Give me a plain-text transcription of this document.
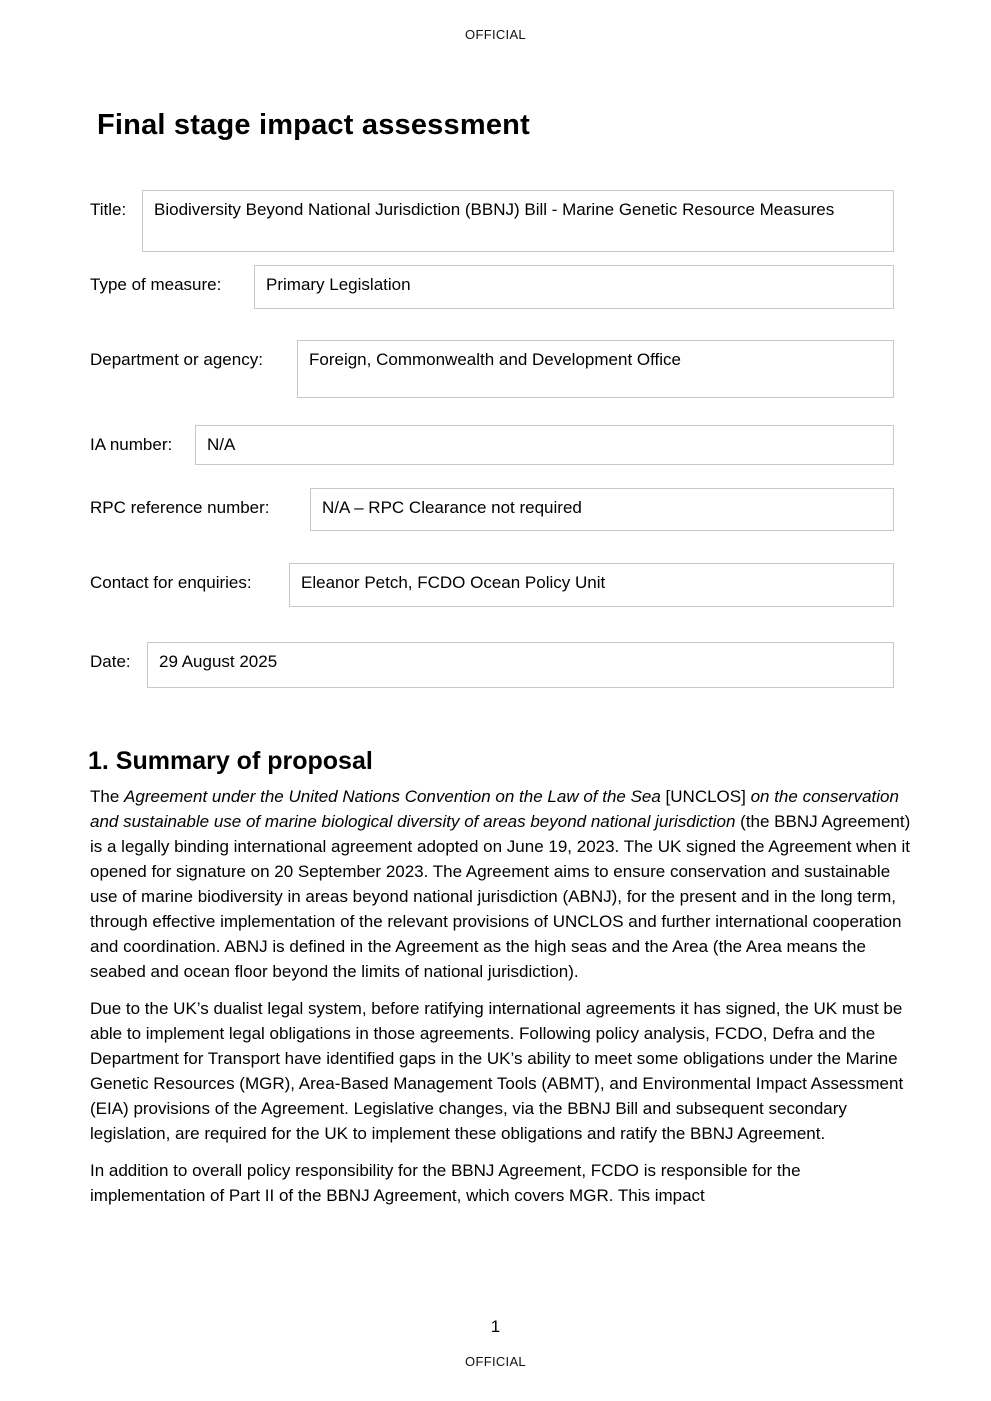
OFFICIAL
Final stage impact assessment
Title:	Biodiversity Beyond National Jurisdiction (BBNJ) Bill - Marine Genetic Resource Measures
Type of measure:	Primary Legislation
Department or agency:	Foreign, Commonwealth and Development Office
IA number:	N/A
RPC reference number:	N/A – RPC Clearance not required
Contact for enquiries:	Eleanor Petch, FCDO Ocean Policy Unit
Date:	29 August 2025
1. Summary of proposal

The Agreement under the United Nations Convention on the Law of the Sea [UNCLOS] on the conservation and sustainable use of marine biological diversity of areas beyond national jurisdiction (the BBNJ Agreement) is a legally binding international agreement adopted on June 19, 2023. The UK signed the Agreement when it opened for signature on 20 September 2023. The Agreement aims to ensure conservation and sustainable use of marine biodiversity in areas beyond national jurisdiction (ABNJ), for the present and in the long term, through effective implementation of the relevant provisions of UNCLOS and further international cooperation and coordination. ABNJ is defined in the Agreement as the high seas and the Area (the Area means the seabed and ocean floor beyond the limits of national jurisdiction).

Due to the UK’s dualist legal system, before ratifying international agreements it has signed, the UK must be able to implement legal obligations in those agreements. Following policy analysis, FCDO, Defra and the Department for Transport have identified gaps in the UK’s ability to meet some obligations under the Marine Genetic Resources (MGR), Area-Based Management Tools (ABMT), and Environmental Impact Assessment (EIA) provisions of the Agreement. Legislative changes, via the BBNJ Bill and subsequent secondary legislation, are required for the UK to implement these obligations and ratify the BBNJ Agreement.

In addition to overall policy responsibility for the BBNJ Agreement, FCDO is responsible for the implementation of Part II of the BBNJ Agreement, which covers MGR. This impact

1
OFFICIAL
